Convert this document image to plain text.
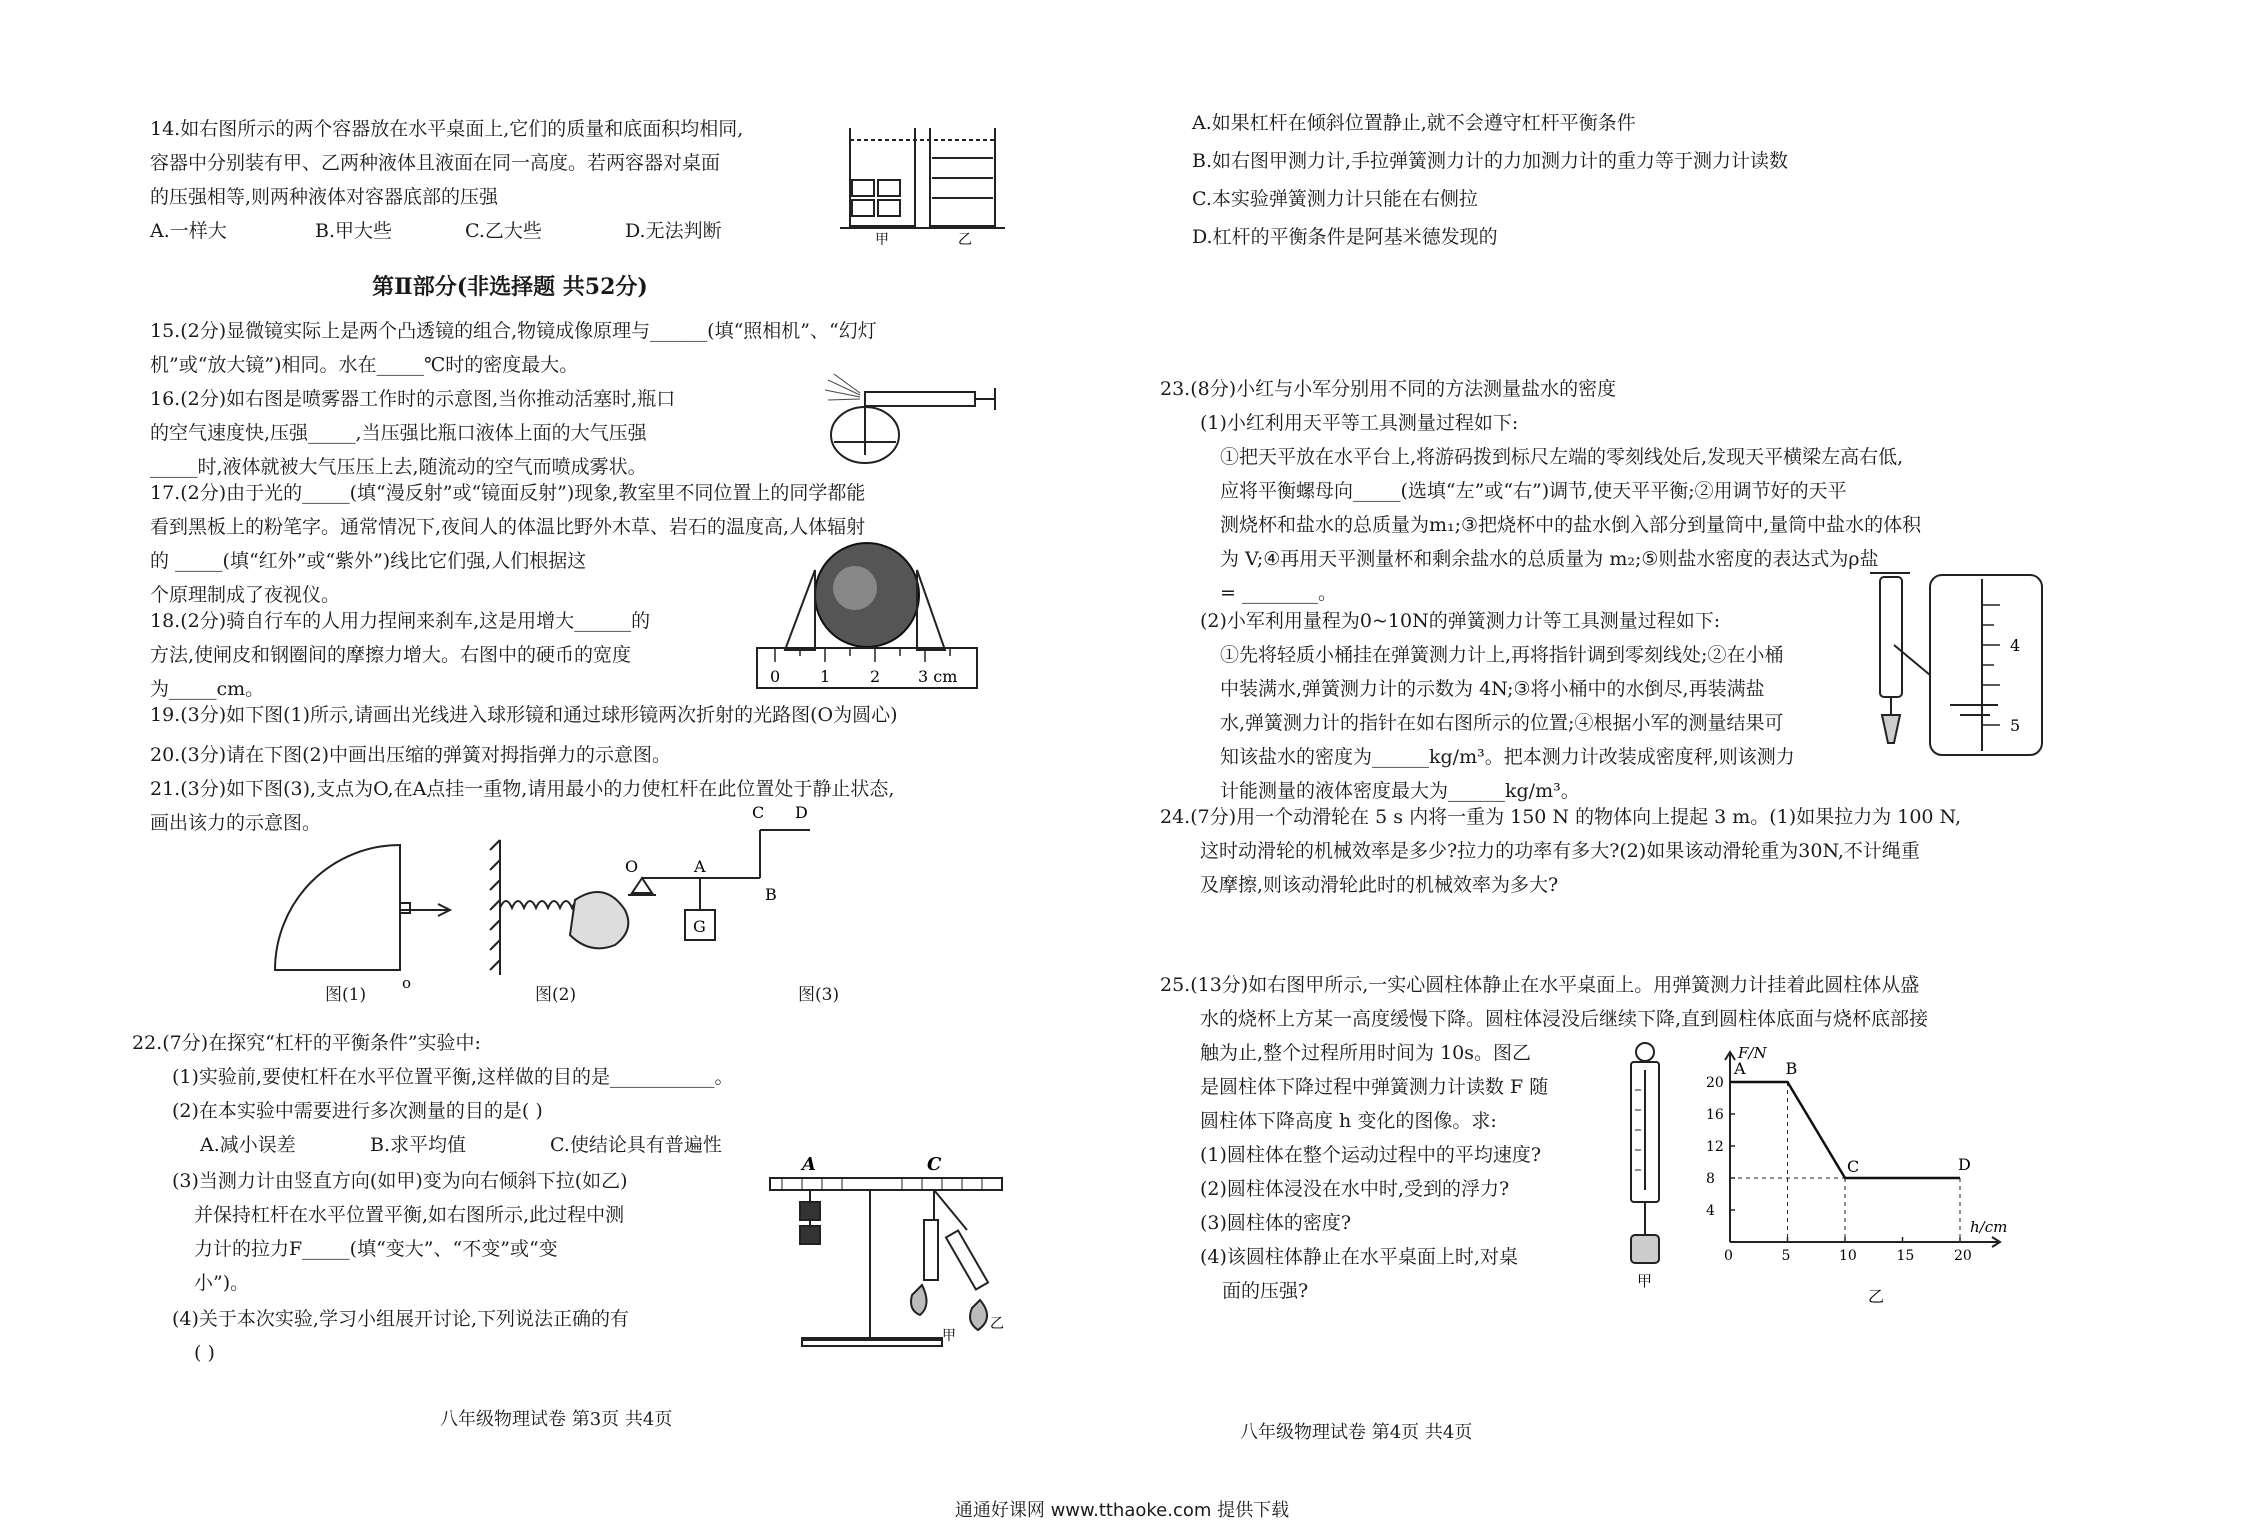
14.如右图所示的两个容器放在水平桌面上,它们的质量和底面积均相同,
容器中分别装有甲、乙两种液体且液面在同一高度。若两容器对桌面
的压强相等,则两种液体对容器底部的压强
A.一样大	B.甲大些	C.乙大些	D.无法判断	甲	乙
第Ⅱ部分(非选择题 共52分)
15.(2分)显微镜实际上是两个凸透镜的组合,物镜成像原理与______(填“照相机”、“幻灯
机”或“放大镜”)相同。水在_____℃时的密度最大。
16.(2分)如右图是喷雾器工作时的示意图,当你推动活塞时,瓶口
的空气速度快,压强_____,当压强比瓶口液体上面的大气压强
_____时,液体就被大气压压上去,随流动的空气而喷成雾状。
17.(2分)由于光的_____(填“漫反射”或“镜面反射”)现象,教室里不同位置上的同学都能
看到黑板上的粉笔字。通常情况下,夜间人的体温比野外木草、岩石的温度高,人体辐射
的 _____(填“红外”或“紫外”)线比它们强,人们根据这
个原理制成了夜视仪。
0 1 2 3 cm
18.(2分)骑自行车的人用力捏闸来刹车,这是用增大______的
方法,使闸皮和钢圈间的摩擦力增大。右图中的硬币的宽度
为_____cm。
19.(3分)如下图(1)所示,请画出光线进入球形镜和通过球形镜两次折射的光路图(O为圆心)
20.(3分)请在下图(2)中画出压缩的弹簧对拇指弹力的示意图。
21.(3分)如下图(3),支点为O,在A点挂一重物,请用最小的力使杠杆在此位置处于静止状态,
画出该力的示意图。
o
O	A
B
C D
G
图(1)	图(2)	图(3)
22.(7分)在探究“杠杆的平衡条件”实验中:
(1)实验前,要使杠杆在水平位置平衡,这样做的目的是___________。
(2)在本实验中需要进行多次测量的目的是( )
A.减小误差	B.求平均值	C.使结论具有普遍性
(3)当测力计由竖直方向(如甲)变为向右倾斜下拉(如乙)
并保持杠杆在水平位置平衡,如右图所示,此过程中测
力计的拉力F_____(填“变大”、“不变”或“变
小”)。
(4)关于本次实验,学习小组展开讨论,下列说法正确的有
( )
A	C
甲
乙
八年级物理试卷 第3页 共4页
A.如果杠杆在倾斜位置静止,就不会遵守杠杆平衡条件
B.如右图甲测力计,手拉弹簧测力计的力加测力计的重力等于测力计读数
C.本实验弹簧测力计只能在右侧拉
D.杠杆的平衡条件是阿基米德发现的
23.(8分)小红与小军分别用不同的方法测量盐水的密度
(1)小红利用天平等工具测量过程如下:
①把天平放在水平台上,将游码拨到标尺左端的零刻线处后,发现天平横梁左高右低,
应将平衡螺母向_____(选填“左”或“右”)调节,使天平平衡;②用调节好的天平
测烧杯和盐水的总质量为m₁;③把烧杯中的盐水倒入部分到量筒中,量筒中盐水的体积
为 V;④再用天平测量杯和剩余盐水的总质量为 m₂;⑤则盐水密度的表达式为ρ盐
= ________。
(2)小军利用量程为0~10N的弹簧测力计等工具测量过程如下:
①先将轻质小桶挂在弹簧测力计上,再将指针调到零刻线处;②在小桶
中装满水,弹簧测力计的示数为 4N;③将小桶中的水倒尽,再装满盐
水,弹簧测力计的指针在如右图所示的位置;④根据小军的测量结果可
知该盐水的密度为______kg/m³。把本测力计改装成密度秤,则该测力
计能测量的液体密度最大为______kg/m³。
4
5
24.(7分)用一个动滑轮在 5 s 内将一重为 150 N 的物体向上提起 3 m。(1)如果拉力为 100 N,
这时动滑轮的机械效率是多少?拉力的功率有多大?(2)如果该动滑轮重为30N,不计绳重
及摩擦,则该动滑轮此时的机械效率为多大?
25.(13分)如右图甲所示,一实心圆柱体静止在水平桌面上。用弹簧测力计挂着此圆柱体从盛
水的烧杯上方某一高度缓慢下降。圆柱体浸没后继续下降,直到圆柱体底面与烧杯底部接
触为止,整个过程所用时间为 10s。图乙
是圆柱体下降过程中弹簧测力计读数 F 随
圆柱体下降高度 h 变化的图像。求:
(1)圆柱体在整个运动过程中的平均速度?
(2)圆柱体浸没在水中时,受到的浮力?
(3)圆柱体的密度?
(4)该圆柱体静止在水平桌面上时,对桌
面的压强?	甲
h/cm
F/N
0	5	10	15	20
4
8
12
16
20
A B
C	D
乙
八年级物理试卷 第4页 共4页
通通好课网 www.tthaoke.com 提供下载
